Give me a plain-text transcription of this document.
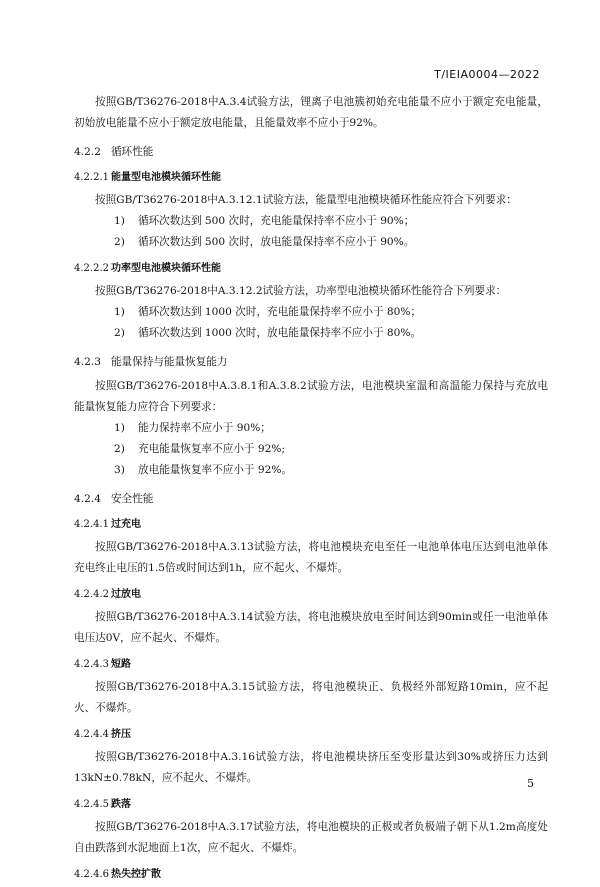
T/IEIA0004—2022

按照GB/T36276-2018中A.3.4试验方法，锂离子电池簇初始充电能量不应小于额定充电能量，初始放电能量不应小于额定放电能量，且能量效率不应小于92%。

4.2.2 循环性能
4.2.2.1 能量型电池模块循环性能

按照GB/T36276-2018中A.3.12.1试验方法，能量型电池模块循环性能应符合下列要求：

1) 循环次数达到 500 次时，充电能量保持率不应小于 90%；
2) 循环次数达到 500 次时，放电能量保持率不应小于 90%。
4.2.2.2 功率型电池模块循环性能

按照GB/T36276-2018中A.3.12.2试验方法，功率型电池模块循环性能符合下列要求：

1) 循环次数达到 1000 次时，充电能量保持率不应小于 80%；
2) 循环次数达到 1000 次时，放电能量保持率不应小于 80%。
4.2.3 能量保持与能量恢复能力

按照GB/T36276-2018中A.3.8.1和A.3.8.2试验方法，电池模块室温和高温能力保持与充放电能量恢复能力应符合下列要求：

1) 能力保持率不应小于 90%；
2) 充电能量恢复率不应小于 92%;
3) 放电能量恢复率不应小于 92%。
4.2.4 安全性能
4.2.4.1 过充电

按照GB/T36276-2018中A.3.13试验方法，将电池模块充电至任一电池单体电压达到电池单体充电终止电压的1.5倍或时间达到1h，应不起火、不爆炸。

4.2.4.2 过放电

按照GB/T36276-2018中A.3.14试验方法，将电池模块放电至时间达到90min或任一电池单体电压达0V，应不起火、不爆炸。

4.2.4.3 短路

按照GB/T36276-2018中A.3.15试验方法，将电池模块正、负极经外部短路10min，应不起火、不爆炸。

4.2.4.4 挤压

按照GB/T36276-2018中A.3.16试验方法，将电池模块挤压至变形量达到30%或挤压力达到13kN±0.78kN，应不起火、不爆炸。

4.2.4.5 跌落

按照GB/T36276-2018中A.3.17试验方法，将电池模块的正极或者负极端子朝下从1.2m高度处自由跌落到水泥地面上1次，应不起火、不爆炸。

4.2.4.6 热失控扩散
5
